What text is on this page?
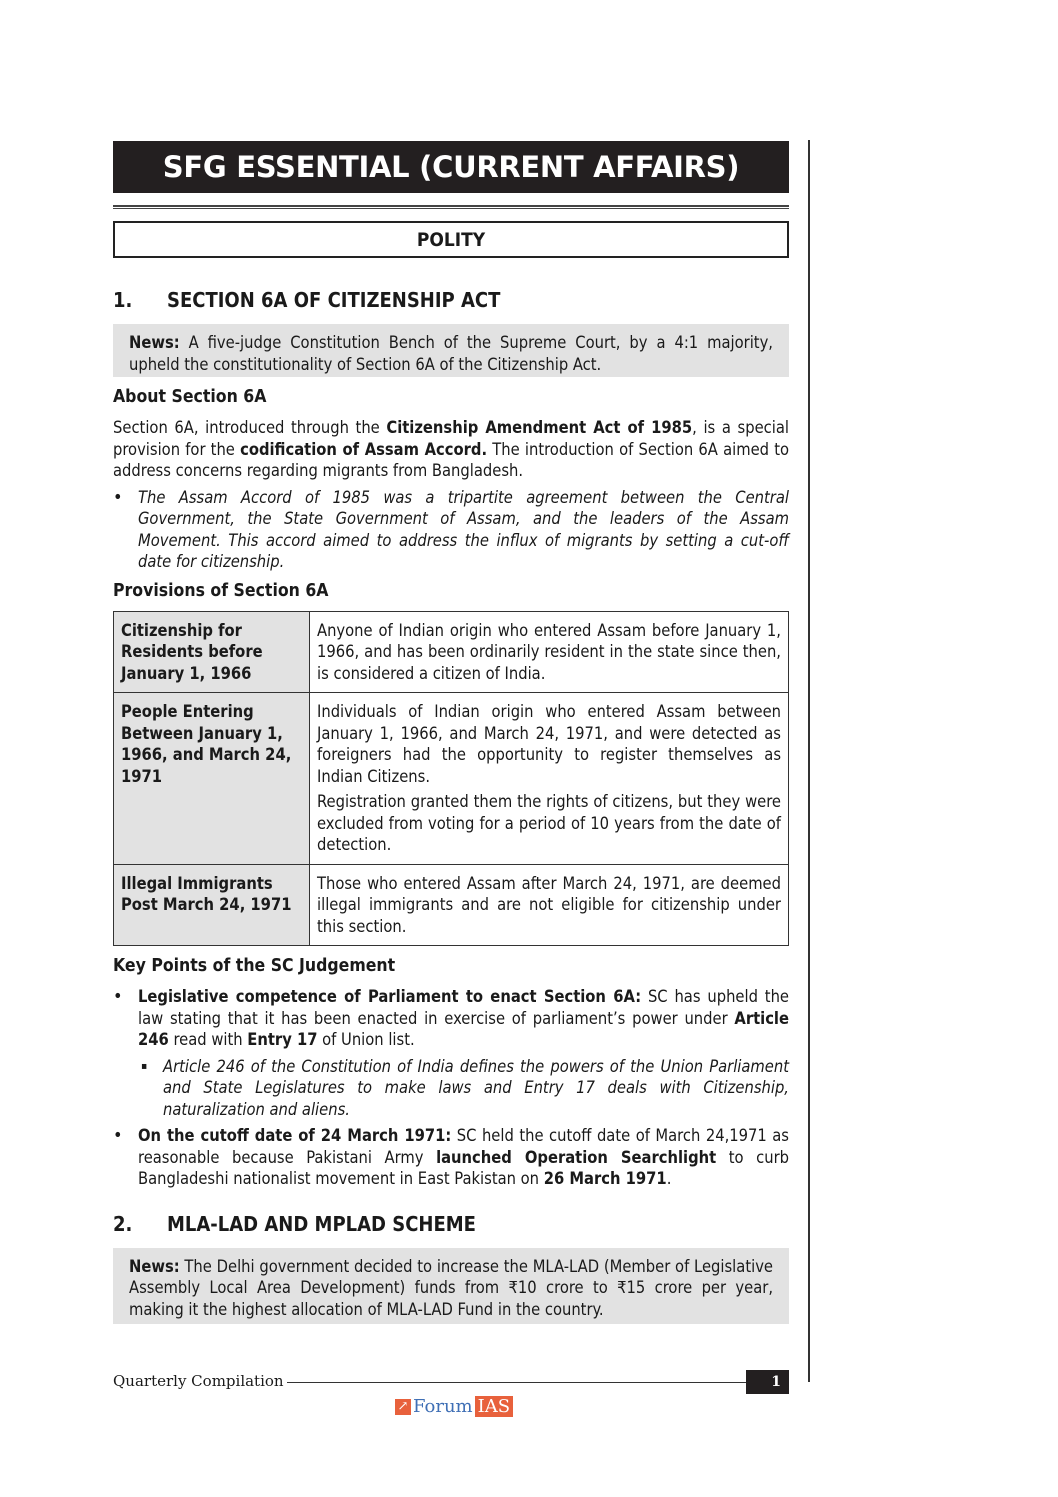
SFG ESSENTIAL (CURRENT AFFAIRS)
POLITY
1.	SECTION 6A OF CITIZENSHIP ACT

News: A five-judge Constitution Bench of the Supreme Court, by a 4:1 majority, upheld the constitutionality of Section 6A of the Citizenship Act.

About Section 6A

Section 6A, introduced through the Citizenship Amendment Act of 1985, is a special provision for the codification of Assam Accord. The introduction of Section 6A aimed to address concerns regarding migrants from Bangladesh.

• The Assam Accord of 1985 was a tripartite agreement between the Central Government, the State Government of Assam, and the leaders of the Assam Movement. This accord aimed to address the influx of migrants by setting a cut-off date for citizenship.
Provisions of Section 6A
Citizenship for Residents before January 1, 1966	Anyone of Indian origin who entered Assam before January 1, 1966, and has been ordinarily resident in the state since then, is considered a citizen of India.

People Entering Between January 1, 1966, and March 24, 1971	Individuals of Indian origin who entered Assam between January 1, 1966, and March 24, 1971, and were detected as foreigners had the opportunity to register themselves as Indian Citizens.

Registration granted them the rights of citizens, but they were excluded from voting for a period of 10 years from the date of detection.

Illegal Immigrants Post March 24, 1971	Those who entered Assam after March 24, 1971, are deemed illegal immigrants and are not eligible for citizenship under this section.

Key Points of the SC Judgement
• Legislative competence of Parliament to enact Section 6A: SC has upheld the law stating that it has been enacted in exercise of parliament’s power under Article 246 read with Entry 17 of Union list.
▪ Article 246 of the Constitution of India defines the powers of the Union Parliament and State Legislatures to make laws and Entry 17 deals with Citizenship, naturalization and aliens.
• On the cutoff date of 24 March 1971: SC held the cutoff date of March 24,1971 as reasonable because Pakistani Army launched Operation Searchlight to curb Bangladeshi nationalist movement in East Pakistan on 26 March 1971.
2.	MLA-LAD AND MPLAD SCHEME

News: The Delhi government decided to increase the MLA-LAD (Member of Legislative Assembly Local Area Development) funds from ₹10 crore to ₹15 crore per year, making it the highest allocation of MLA-LAD Fund in the country.

Quarterly Compilation	1
↗ Forum IAS
